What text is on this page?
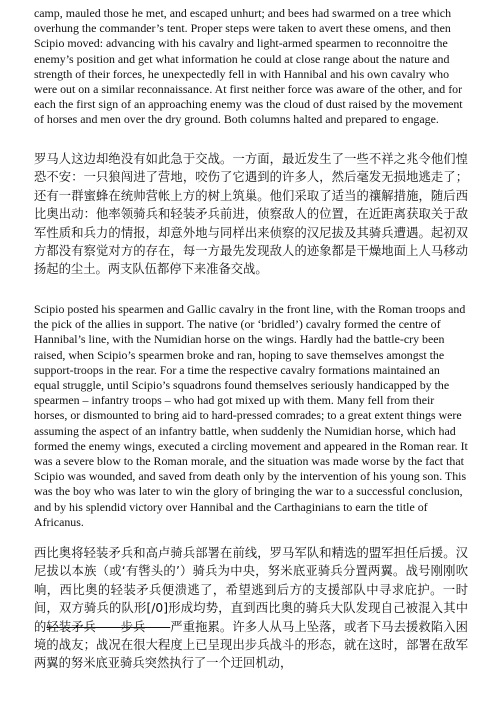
camp, mauled those he met, and escaped unhurt; and bees had swarmed on a tree which overhung the commander’s tent. Proper steps were taken to avert these omens, and then Scipio moved: advancing with his cavalry and light-armed spearmen to reconnoitre the enemy’s position and get what information he could at close range about the nature and strength of their forces, he unexpectedly fell in with Hannibal and his own cavalry who were out on a similar reconnaissance. At first neither force was aware of the other, and for each the first sign of an approaching enemy was the cloud of dust raised by the movement of horses and men over the dry ground. Both columns halted and prepared to engage.

罗马人这边却绝没有如此急于交战。一方面，最近发生了一些不祥之兆令他们惶恐不安：一只狼闯进了营地，咬伤了它遇到的许多人，然后毫发无损地逃走了；还有一群蜜蜂在统帅营帐上方的树上筑巢。他们采取了适当的禳解措施，随后西比奥出动：他率领骑兵和轻装矛兵前进，侦察敌人的位置，在近距离获取关于敌军性质和兵力的情报，却意外地与同样出来侦察的汉尼拔及其骑兵遭遇。起初双方都没有察觉对方的存在，每一方最先发现敌人的迹象都是干燥地面上人马移动扬起的尘土。两支队伍都停下来准备交战。

Scipio posted his spearmen and Gallic cavalry in the front line, with the Roman troops and the pick of the allies in support. The native (or ‘bridled’) cavalry formed the centre of Hannibal’s line, with the Numidian horse on the wings. Hardly had the battle-cry been raised, when Scipio’s spearmen broke and ran, hoping to save themselves amongst the support-troops in the rear. For a time the respective cavalry formations maintained an equal struggle, until Scipio’s squadrons found themselves seriously handicapped by the spearmen – infantry troops – who had got mixed up with them. Many fell from their horses, or dismounted to bring aid to hard-pressed comrades; to a great extent things were assuming the aspect of an infantry battle, when suddenly the Numidian horse, which had formed the enemy wings, executed a circling movement and appeared in the Roman rear. It was a severe blow to the Roman morale, and the situation was made worse by the fact that Scipio was wounded, and saved from death only by the intervention of his young son. This was the boy who was later to win the glory of bringing the war to a successful conclusion, and by his splendid victory over Hannibal and the Carthaginians to earn the title of Africanus.

西比奥将轻装矛兵和高卢骑兵部署在前线，罗马军队和精选的盟军担任后援。汉尼拔以本族（或‘有辔头的’）骑兵为中央，努米底亚骑兵分置两翼。战号刚刚吹响，西比奥的轻装矛兵便溃逃了，希望逃到后方的支援部队中寻求庇护。一时间，双方骑兵的队形[/0]形成均势，直到西比奥的骑兵大队发现自己被混入其中的轻装矛兵——步兵——严重拖累。许多人从马上坠落，或者下马去援救陷入困境的战友；战况在很大程度上已呈现出步兵战斗的形态，就在这时，部署在敌军两翼的努米底亚骑兵突然执行了一个迂回机动，
